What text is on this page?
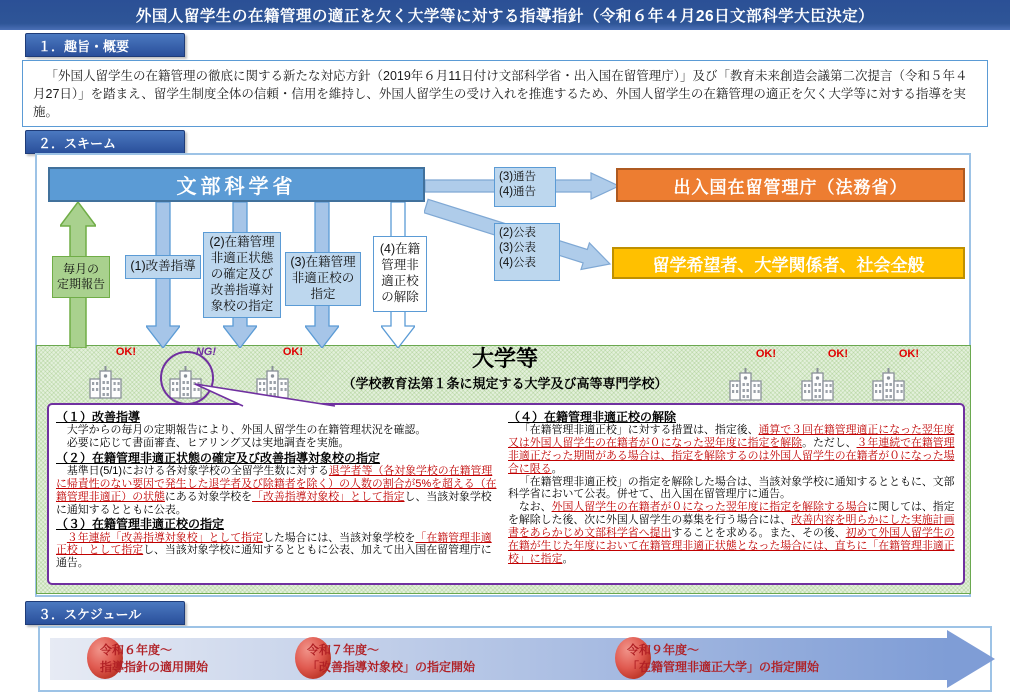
外国人留学生の在籍管理の適正を欠く大学等に対する指導指針（令和６年４月26日文部科学大臣決定）
１．趣旨・概要

「外国人留学生の在籍管理の徹底に関する新たな対応方針（2019年６月11日付け文部科学省・出入国在留管理庁）」及び「教育未来創造会議第二次提言（令和５年４月27日）」を踏まえ、留学生制度全体の信頼・信用を維持し、外国人留学生の受け入れを推進するため、外国人留学生の在籍管理の適正を欠く大学等に対する指導を実施。

２．スキーム
文部科学省
毎月の
定期報告
(1)改善指導
(2)在籍管理
非適正状態
の確定及び
改善指導対
象校の指定
(3)在籍管理
非適正校の
指定
(4)在籍
管理非
適正校
の解除
(3)通告
(4)通告
(2)公表
(3)公表
(4)公表
出入国在留管理庁（法務省）
留学希望者、大学関係者、社会全般
大学等
（学校教育法第１条に規定する大学及び高等専門学校）
OK!	NG!	OK!	OK!	OK!	OK!
（１）改善指導
大学からの毎月の定期報告により、外国人留学生の在籍管理状況を確認。
必要に応じて書面審査、ヒアリング又は実地調査を実施。
（２）在籍管理非適正状態の確定及び改善指導対象校の指定
基準日(5/1)における各対象学校の全留学生数に対する退学者等（各対象学校の在籍管理に帰責性のない要因で発生した退学者及び除籍者を除く）の人数の割合が5%を超える（在籍管理非適正）の状態にある対象学校を「改善指導対象校」として指定し、当該対象学校に通知するとともに公表。
（３）在籍管理非適正校の指定
３年連続「改善指導対象校」として指定した場合には、当該対象学校を「在籍管理非適正校」として指定し、当該対象学校に通知するとともに公表、加えて出入国在留管理庁に通告。
（４）在籍管理非適正校の解除
「在籍管理非適正校」に対する措置は、指定後、通算で３回在籍管理適正になった翌年度又は外国人留学生の在籍者が０になった翌年度に指定を解除。ただし、３年連続で在籍管理非適正だった期間がある場合は、指定を解除するのは外国人留学生の在籍者が０になった場合に限る。
「在籍管理非適正校」の指定を解除した場合は、当該対象学校に通知するとともに、文部科学省において公表。併せて、出入国在留管理庁に通告。
なお、外国人留学生の在籍者が０になった翌年度に指定を解除する場合に関しては、指定を解除した後、次に外国人留学生の募集を行う場合には、改善内容を明らかにした実施計画書をあらかじめ文部科学省へ提出することを求める。また、その後、初めて外国人留学生の在籍が生じた年度において在籍管理非適正状態となった場合には、直ちに「在籍管理非適正校」に指定。
３．スケジュール
令和６年度～
指導指針の適用開始
令和７年度～
「改善指導対象校」の指定開始
令和９年度～
「在籍管理非適正大学」の指定開始
